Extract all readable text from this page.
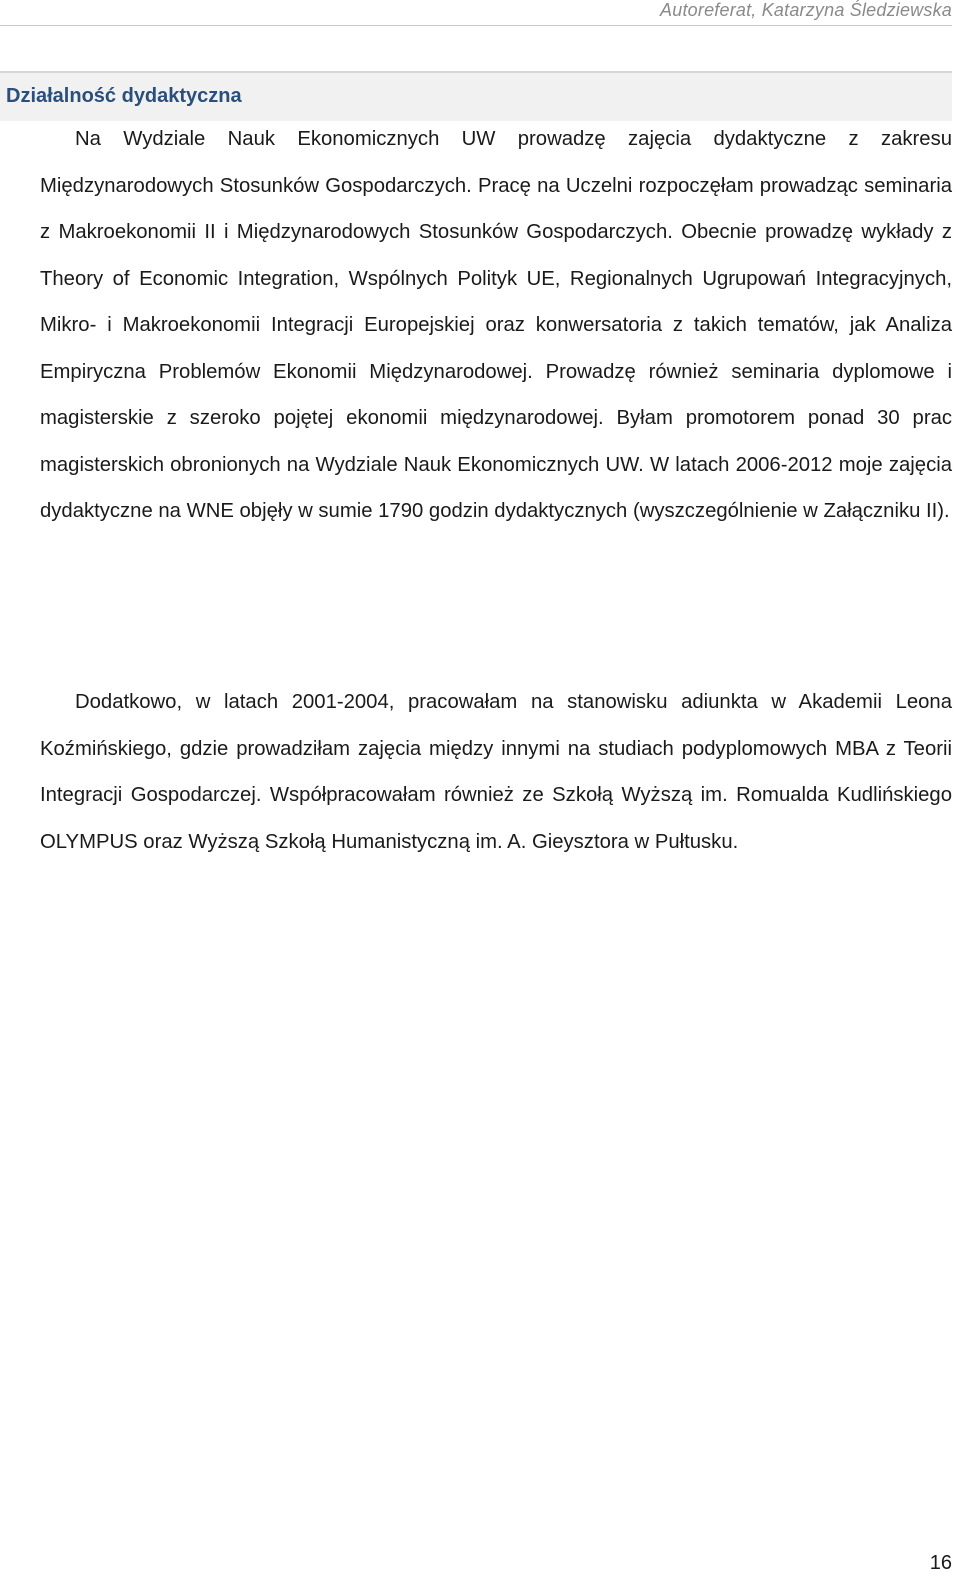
Autoreferat, Katarzyna Śledziewska
Działalność dydaktyczna

Na Wydziale Nauk Ekonomicznych UW prowadzę zajęcia dydaktyczne z zakresu Międzynarodowych Stosunków Gospodarczych. Pracę na Uczelni rozpoczęłam prowadząc seminaria z Makroekonomii II i Międzynarodowych Stosunków Gospodarczych. Obecnie prowadzę wykłady z Theory of Economic Integration, Wspólnych Polityk UE, Regionalnych Ugrupowań Integracyjnych, Mikro- i Makroekonomii Integracji Europejskiej oraz konwersatoria z takich tematów, jak Analiza Empiryczna Problemów Ekonomii Międzynarodowej. Prowadzę również seminaria dyplomowe i magisterskie z szeroko pojętej ekonomii międzynarodowej. Byłam promotorem ponad 30 prac magisterskich obronionych na Wydziale Nauk Ekonomicznych UW. W latach 2006-2012 moje zajęcia dydaktyczne na WNE objęły w sumie 1790 godzin dydaktycznych (wyszczególnienie w Załączniku II).

Dodatkowo, w latach 2001-2004, pracowałam na stanowisku adiunkta w Akademii Leona Koźmińskiego, gdzie prowadziłam zajęcia między innymi na studiach podyplomowych MBA z Teorii Integracji Gospodarczej. Współpracowałam również ze Szkołą Wyższą im. Romualda Kudlińskiego OLYMPUS oraz Wyższą Szkołą Humanistyczną im. A. Gieysztora w Pułtusku.

16
